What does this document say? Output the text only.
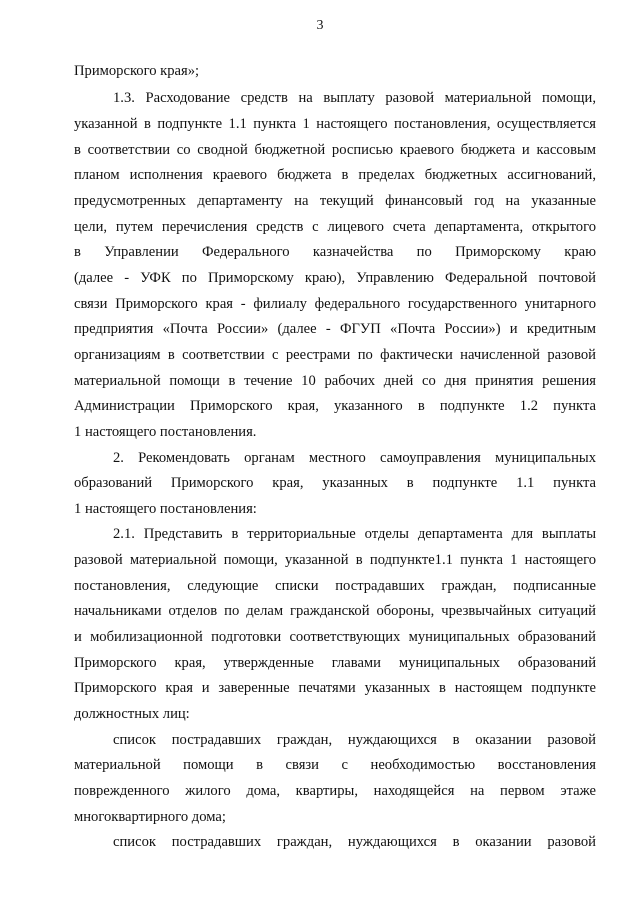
3
Приморского края»;
1.3. Расходование средств на выплату разовой материальной помощи,
указанной в подпункте 1.1 пункта 1 настоящего постановления, осуществляется
в соответствии со сводной бюджетной росписью краевого бюджета и кассовым
планом исполнения краевого бюджета в пределах бюджетных ассигнований,
предусмотренных департаменту на текущий финансовый год на указанные
цели, путем перечисления средств с лицевого счета департамента, открытого
в Управлении Федерального казначейства по Приморскому краю
(далее - УФК по Приморскому краю), Управлению Федеральной почтовой
связи Приморского края - филиалу федерального государственного унитарного
предприятия «Почта России» (далее - ФГУП «Почта России») и кредитным
организациям в соответствии с реестрами по фактически начисленной разовой
материальной помощи в течение 10 рабочих дней со дня принятия решения
Администрации Приморского края, указанного в подпункте 1.2 пункта
1 настоящего постановления.
2. Рекомендовать органам местного самоуправления муниципальных
образований Приморского края, указанных в подпункте 1.1 пункта
1 настоящего постановления:
2.1. Представить в территориальные отделы департамента для выплаты
разовой материальной помощи, указанной в подпункте1.1 пункта 1 настоящего
постановления, следующие списки пострадавших граждан, подписанные
начальниками отделов по делам гражданской обороны, чрезвычайных ситуаций
и мобилизационной подготовки соответствующих муниципальных образований
Приморского края, утвержденные главами муниципальных образований
Приморского края и заверенные печатями указанных в настоящем подпункте
должностных лиц:
список пострадавших граждан, нуждающихся в оказании разовой
материальной помощи в связи с необходимостью восстановления
поврежденного жилого дома, квартиры, находящейся на первом этаже
многоквартирного дома;
список пострадавших граждан, нуждающихся в оказании разовой
